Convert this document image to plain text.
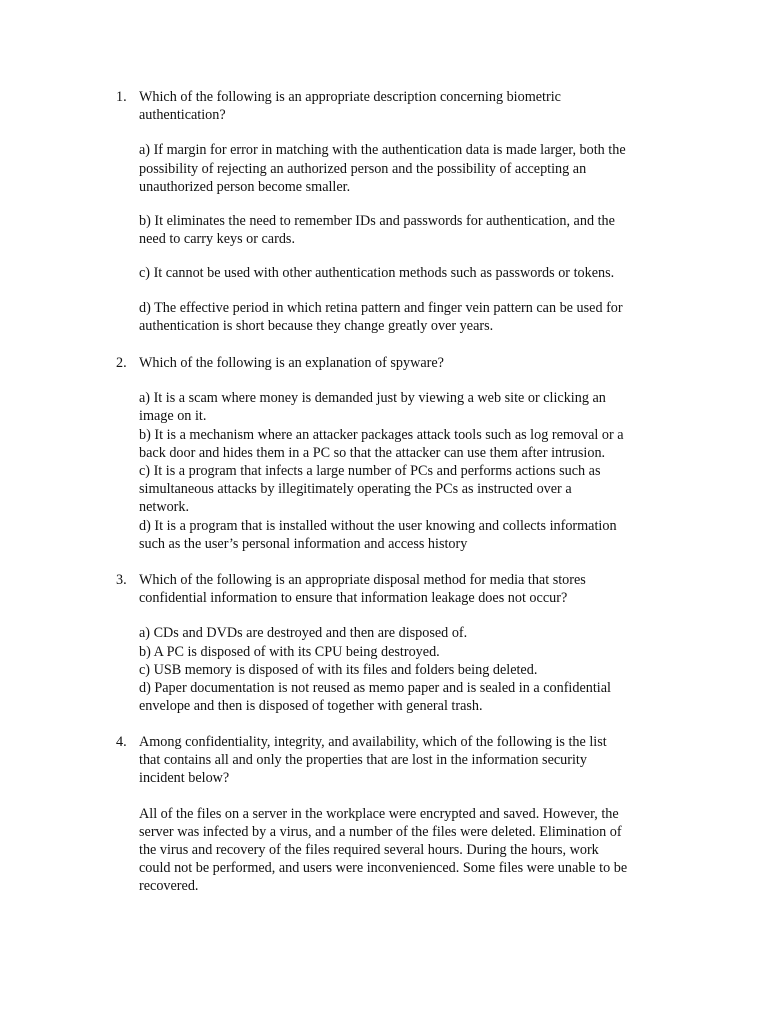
1. Which of the following is an appropriate description concerning biometric
authentication?
a) If margin for error in matching with the authentication data is made larger, both the
possibility of rejecting an authorized person and the possibility of accepting an
unauthorized person become smaller.
b) It eliminates the need to remember IDs and passwords for authentication, and the
need to carry keys or cards.
c) It cannot be used with other authentication methods such as passwords or tokens.
d) The effective period in which retina pattern and finger vein pattern can be used for
authentication is short because they change greatly over years.
2. Which of the following is an explanation of spyware?
a) It is a scam where money is demanded just by viewing a web site or clicking an
image on it.
b) It is a mechanism where an attacker packages attack tools such as log removal or a
back door and hides them in a PC so that the attacker can use them after intrusion.
c) It is a program that infects a large number of PCs and performs actions such as
simultaneous attacks by illegitimately operating the PCs as instructed over a
network.
d) It is a program that is installed without the user knowing and collects information
such as the user’s personal information and access history
3. Which of the following is an appropriate disposal method for media that stores
confidential information to ensure that information leakage does not occur?
a) CDs and DVDs are destroyed and then are disposed of.
b) A PC is disposed of with its CPU being destroyed.
c) USB memory is disposed of with its files and folders being deleted.
d) Paper documentation is not reused as memo paper and is sealed in a confidential
envelope and then is disposed of together with general trash.
4. Among confidentiality, integrity, and availability, which of the following is the list
that contains all and only the properties that are lost in the information security
incident below?
All of the files on a server in the workplace were encrypted and saved. However, the
server was infected by a virus, and a number of the files were deleted. Elimination of
the virus and recovery of the files required several hours. During the hours, work
could not be performed, and users were inconvenienced. Some files were unable to be
recovered.
